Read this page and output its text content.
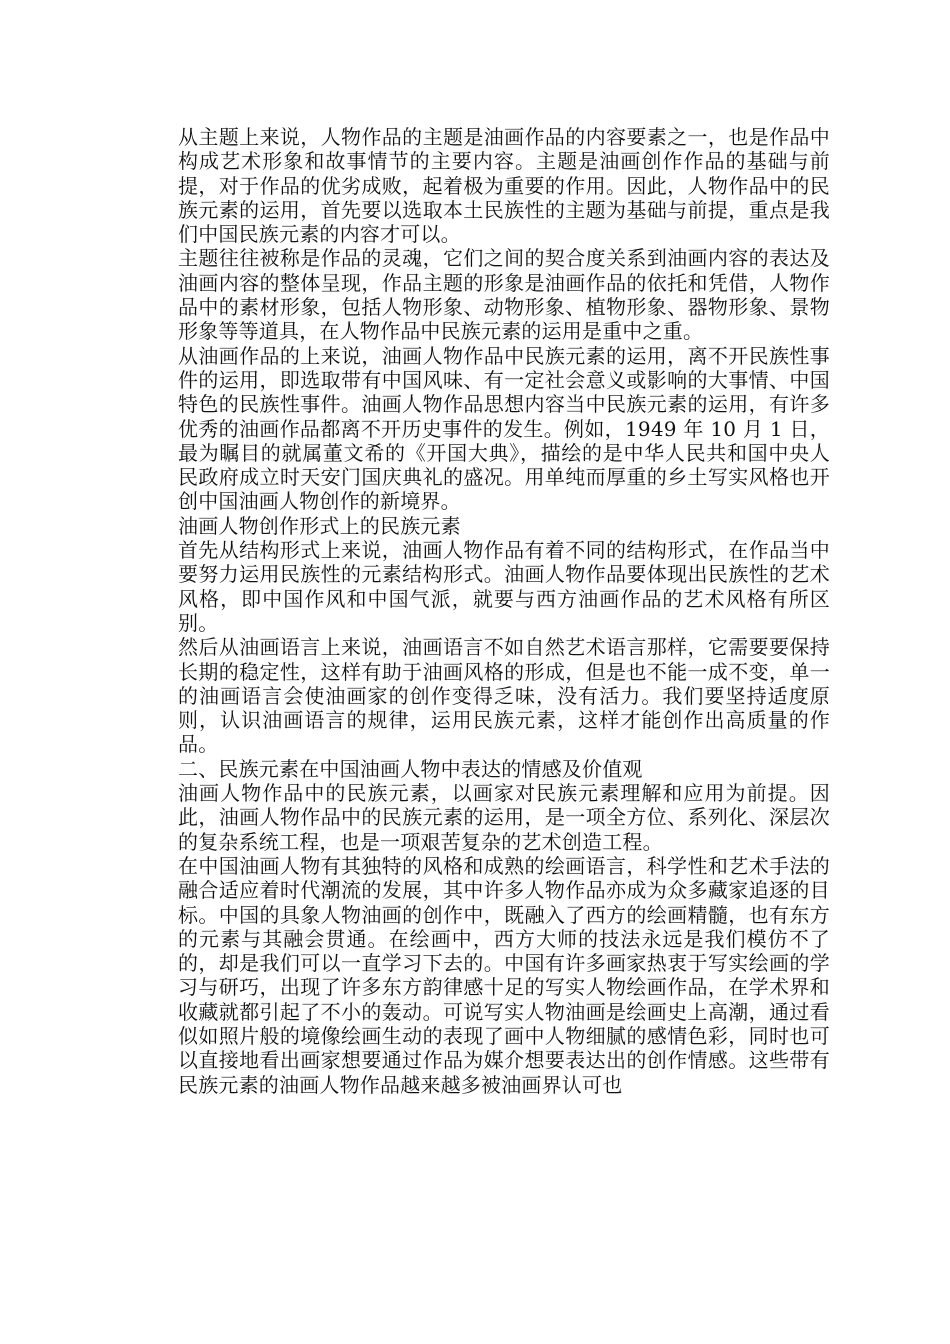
从主题上来说，人物作品的主题是油画作品的内容要素之一，也是作品中构成艺术形象和故事情节的主要内容。主题是油画创作作品的基础与前提，对于作品的优劣成败，起着极为重要的作用。因此，人物作品中的民族元素的运用，首先要以选取本土民族性的主题为基础与前提，重点是我们中国民族元素的内容才可以。

主题往往被称是作品的灵魂，它们之间的契合度关系到油画内容的表达及油画内容的整体呈现，作品主题的形象是油画作品的依托和凭借，人物作品中的素材形象，包括人物形象、动物形象、植物形象、器物形象、景物形象等等道具，在人物作品中民族元素的运用是重中之重。

从油画作品的上来说，油画人物作品中民族元素的运用，离不开民族性事件的运用，即选取带有中国风味、有一定社会意义或影响的大事情、中国特色的民族性事件。油画人物作品思想内容当中民族元素的运用，有许多优秀的油画作品都离不开历史事件的发生。例如，1949 年 10 月 1 日，最为瞩目的就属董文希的《开国大典》，描绘的是中华人民共和国中央人民政府成立时天安门国庆典礼的盛况。用单纯而厚重的乡土写实风格也开创中国油画人物创作的新境界。

油画人物创作形式上的民族元素

首先从结构形式上来说，油画人物作品有着不同的结构形式，在作品当中要努力运用民族性的元素结构形式。油画人物作品要体现出民族性的艺术风格，即中国作风和中国气派，就要与西方油画作品的艺术风格有所区别。

然后从油画语言上来说，油画语言不如自然艺术语言那样，它需要要保持长期的稳定性，这样有助于油画风格的形成，但是也不能一成不变，单一的油画语言会使油画家的创作变得乏味，没有活力。我们要坚持适度原则，认识油画语言的规律，运用民族元素，这样才能创作出高质量的作品。

二、民族元素在中国油画人物中表达的情感及价值观

油画人物作品中的民族元素，以画家对民族元素理解和应用为前提。因此，油画人物作品中的民族元素的运用，是一项全方位、系列化、深层次的复杂系统工程，也是一项艰苦复杂的艺术创造工程。

在中国油画人物有其独特的风格和成熟的绘画语言，科学性和艺术手法的融合适应着时代潮流的发展，其中许多人物作品亦成为众多藏家追逐的目标。中国的具象人物油画的创作中，既融入了西方的绘画精髓，也有东方的元素与其融会贯通。在绘画中，西方大师的技法永远是我们模仿不了的，却是我们可以一直学习下去的。中国有许多画家热衷于写实绘画的学习与研巧，出现了许多东方韵律感十足的写实人物绘画作品，在学术界和收藏就都引起了不小的轰动。可说写实人物油画是绘画史上高潮，通过看似如照片般的境像绘画生动的表现了画中人物细腻的感情色彩，同时也可以直接地看出画家想要通过作品为媒介想要表达出的创作情感。这些带有民族元素的油画人物作品越来越多被油画界认可也
